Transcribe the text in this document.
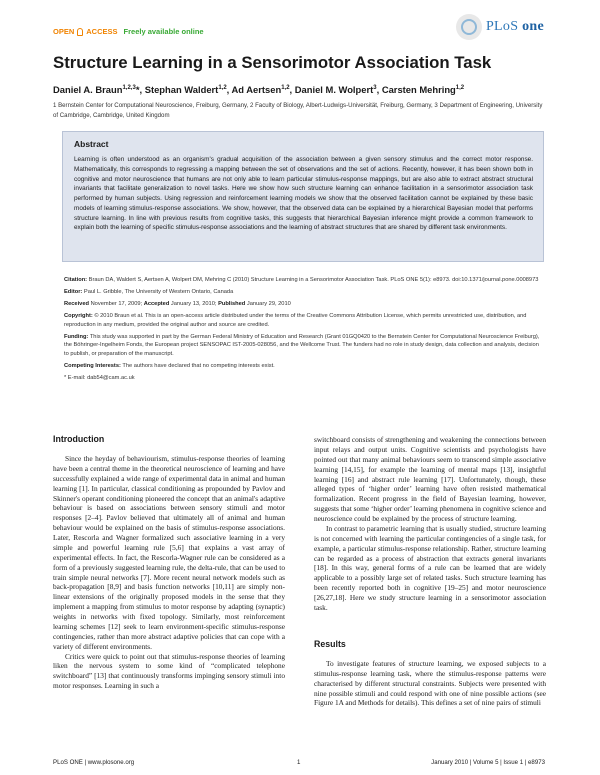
OPEN ACCESS Freely available online	PLoS one
Structure Learning in a Sensorimotor Association Task
Daniel A. Braun$^{1,2,3}$*, Stephan Waldert$^{1,2}$, Ad Aertsen$^{1,2}$, Daniel M. Wolpert$^3$, Carsten Mehring$^{1,2}$
1 Bernstein Center for Computational Neuroscience, Freiburg, Germany, 2 Faculty of Biology, Albert-Ludwigs-Universität, Freiburg, Germany, 3 Department of Engineering, University of Cambridge, Cambridge, United Kingdom

Abstract

Learning is often understood as an organism's gradual acquisition of the association between a given sensory stimulus and the correct motor response. Mathematically, this corresponds to regressing a mapping between the set of observations and the set of actions. Recently, however, it has been shown both in cognitive and motor neuroscience that humans are not only able to learn particular stimulus-response mappings, but are also able to extract abstract structural invariants that facilitate generalization to novel tasks. Here we show how such structure learning can enhance facilitation in a sensorimotor association task performed by human subjects. Using regression and reinforcement learning models we show that the observed facilitation cannot be explained by these basic models of learning stimulus-response associations. We show, however, that the observed data can be explained by a hierarchical Bayesian model that performs structure learning. In line with previous results from cognitive tasks, this suggests that hierarchical Bayesian inference might provide a common framework to explain both the learning of specific stimulus-response associations and the learning of abstract structures that are shared by different task environments.

Citation: Braun DA, Waldert S, Aertsen A, Wolpert DM, Mehring C (2010) Structure Learning in a Sensorimotor Association Task. PLoS ONE 5(1): e8973. doi:10.1371/journal.pone.0008973

Editor: Paul L. Gribble, The University of Western Ontario, Canada

Received November 17, 2009; Accepted January 13, 2010; Published January 29, 2010

Copyright: © 2010 Braun et al. This is an open-access article distributed under the terms of the Creative Commons Attribution License, which permits unrestricted use, distribution, and reproduction in any medium, provided the original author and source are credited.

Funding: This study was supported in part by the German Federal Ministry of Education and Research (Grant 01GQ0420 to the Bernstein Center for Computational Neuroscience Freiburg), the Böhringer-Ingelheim Fonds, the European project SENSOPAC IST-2005-028056, and the Wellcome Trust. The funders had no role in study design, data collection and analysis, decision to publish, or preparation of the manuscript.

Competing Interests: The authors have declared that no competing interests exist.

* E-mail: dab54@cam.ac.uk

Introduction

Since the heyday of behaviourism, stimulus-response theories of learning have been a central theme in the theoretical neuroscience of learning and have successfully explained a wide range of experimental data in animal and human learning [1]. In particular, classical conditioning as propounded by Pavlov and Skinner's operant conditioning pioneered the concept that an animal's adaptive behaviour is based on associations between sensory stimuli and motor responses [2–4]. Pavlov believed that ultimately all of animal and human behaviour would be explained on the basis of stimulus-response associations. Later, Rescorla and Wagner formalized such associative learning in a very simple and powerful learning rule [5,6] that explains a vast array of experimental effects. In fact, the Rescorla-Wagner rule can be considered as a form of a previously suggested learning rule, the delta-rule, that can be used to train simple neural networks [7]. More recent neural network models such as back-propagation [8,9] and basis function networks [10,11] are simply non-linear extensions of the originally proposed models in the sense that they implement a mapping from stimulus to motor response by adapting (synaptic) weights in networks with fixed topology. Similarly, most reinforcement learning schemes [12] seek to learn environment-specific stimulus-response contingencies, rather than more abstract adaptive policies that can cope with a variety of different environments.

Critics were quick to point out that stimulus-response theories of learning liken the nervous system to some kind of “complicated telephone switchboard” [13] that continuously transforms impinging sensory stimuli into motor responses. Learning in such a

switchboard consists of strengthening and weakening the connections between input relays and output units. Cognitive scientists and psychologists have pointed out that many animal behaviours seem to transcend simple associative learning [14,15], for example the learning of mental maps [13], insightful learning [16] and abstract rule learning [17]. Unfortunately, though, these alleged types of ‘higher order’ learning have often resisted mathematical formalization. Recent progress in the field of Bayesian learning, however, suggests that some ‘higher order’ learning phenomena in cognitive science and neuroscience could be explained by the process of structure learning.

In contrast to parametric learning that is usually studied, structure learning is not concerned with learning the particular contingencies of a single task, for example, a particular stimulus-response relationship. Rather, structure learning can be regarded as a process of abstraction that extracts general invariants [18]. In this way, general forms of a rule can be learned that are widely applicable to a possibly large set of related tasks. Such structure learning has been recently reported both in cognitive [19–25] and motor neuroscience [26,27,18]. Here we study structure learning in a sensorimotor association task.

Results

To investigate features of structure learning, we exposed subjects to a stimulus-response learning task, where the stimulus-response patterns were characterised by different structural constraints. Subjects were presented with nine possible stimuli and could respond with one of nine possible actions (see Figure 1A and Methods for details). This defines a set of nine pairs of stimuli

PLoS ONE | www.plosone.org	1	January 2010 | Volume 5 | Issue 1 | e8973
